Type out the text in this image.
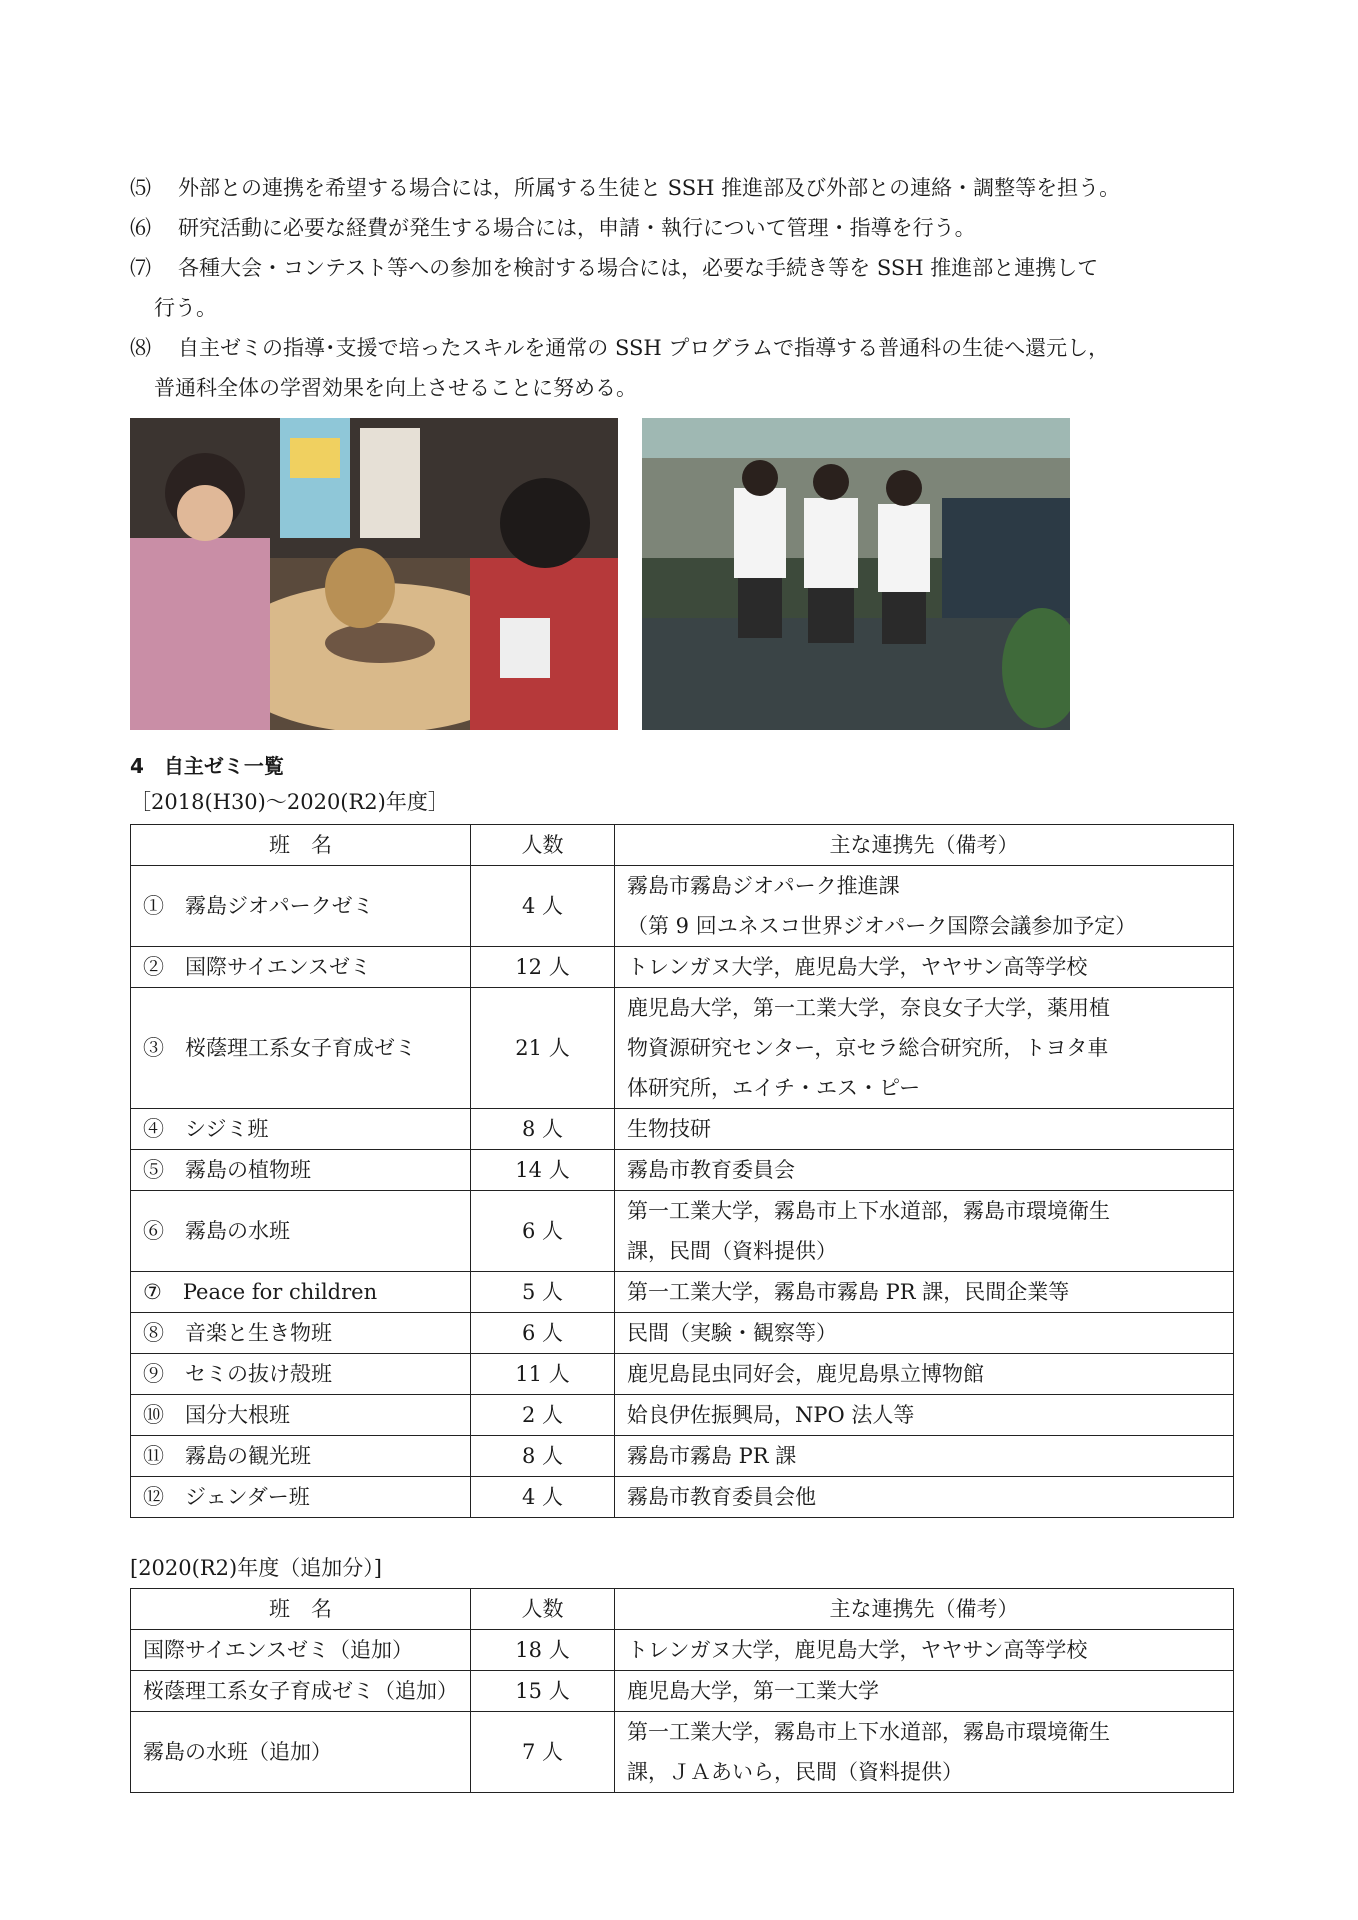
⑸ 外部との連携を希望する場合には，所属する生徒と SSH 推進部及び外部との連絡・調整等を担う。
⑹ 研究活動に必要な経費が発生する場合には，申請・執行について管理・指導を行う。
⑺ 各種大会・コンテスト等への参加を検討する場合には，必要な手続き等を SSH 推進部と連携して
行う。
⑻ 自主ゼミの指導･支援で培ったスキルを通常の SSH プログラムで指導する普通科の生徒へ還元し，
普通科全体の学習効果を向上させることに努める。
4　自主ゼミ一覧
［2018(H30)～2020(R2)年度］
班　名	人数	主な連携先（備考）
①　霧島ジオパークゼミ	4 人	霧島市霧島ジオパーク推進課
（第 9 回ユネスコ世界ジオパーク国際会議参加予定）

②　国際サイエンスゼミ	12 人	トレンガヌ大学，鹿児島大学，ヤヤサン高等学校

③　桜蔭理工系女子育成ゼミ	21 人	鹿児島大学，第一工業大学，奈良女子大学，薬用植
物資源研究センター，京セラ総合研究所，トヨタ車
体研究所，エイチ・エス・ピー

④　シジミ班	8 人	生物技研

⑤　霧島の植物班	14 人	霧島市教育委員会

⑥　霧島の水班	6 人	第一工業大学，霧島市上下水道部，霧島市環境衛生
課，民間（資料提供）

⑦　Peace for children	5 人	第一工業大学，霧島市霧島 PR 課，民間企業等

⑧　音楽と生き物班	6 人	民間（実験・観察等）

⑨　セミの抜け殻班	11 人	鹿児島昆虫同好会，鹿児島県立博物館

⑩　国分大根班	2 人	姶良伊佐振興局，NPO 法人等

⑪　霧島の観光班	8 人	霧島市霧島 PR 課

⑫　ジェンダー班	4 人	霧島市教育委員会他
[2020(R2)年度（追加分）]
班　名	人数	主な連携先（備考）
国際サイエンスゼミ（追加）	18 人	トレンガヌ大学，鹿児島大学，ヤヤサン高等学校

桜蔭理工系女子育成ゼミ（追加）	15 人	鹿児島大学，第一工業大学

霧島の水班（追加）	7 人	第一工業大学，霧島市上下水道部，霧島市環境衛生
課，ＪＡあいら，民間（資料提供）
